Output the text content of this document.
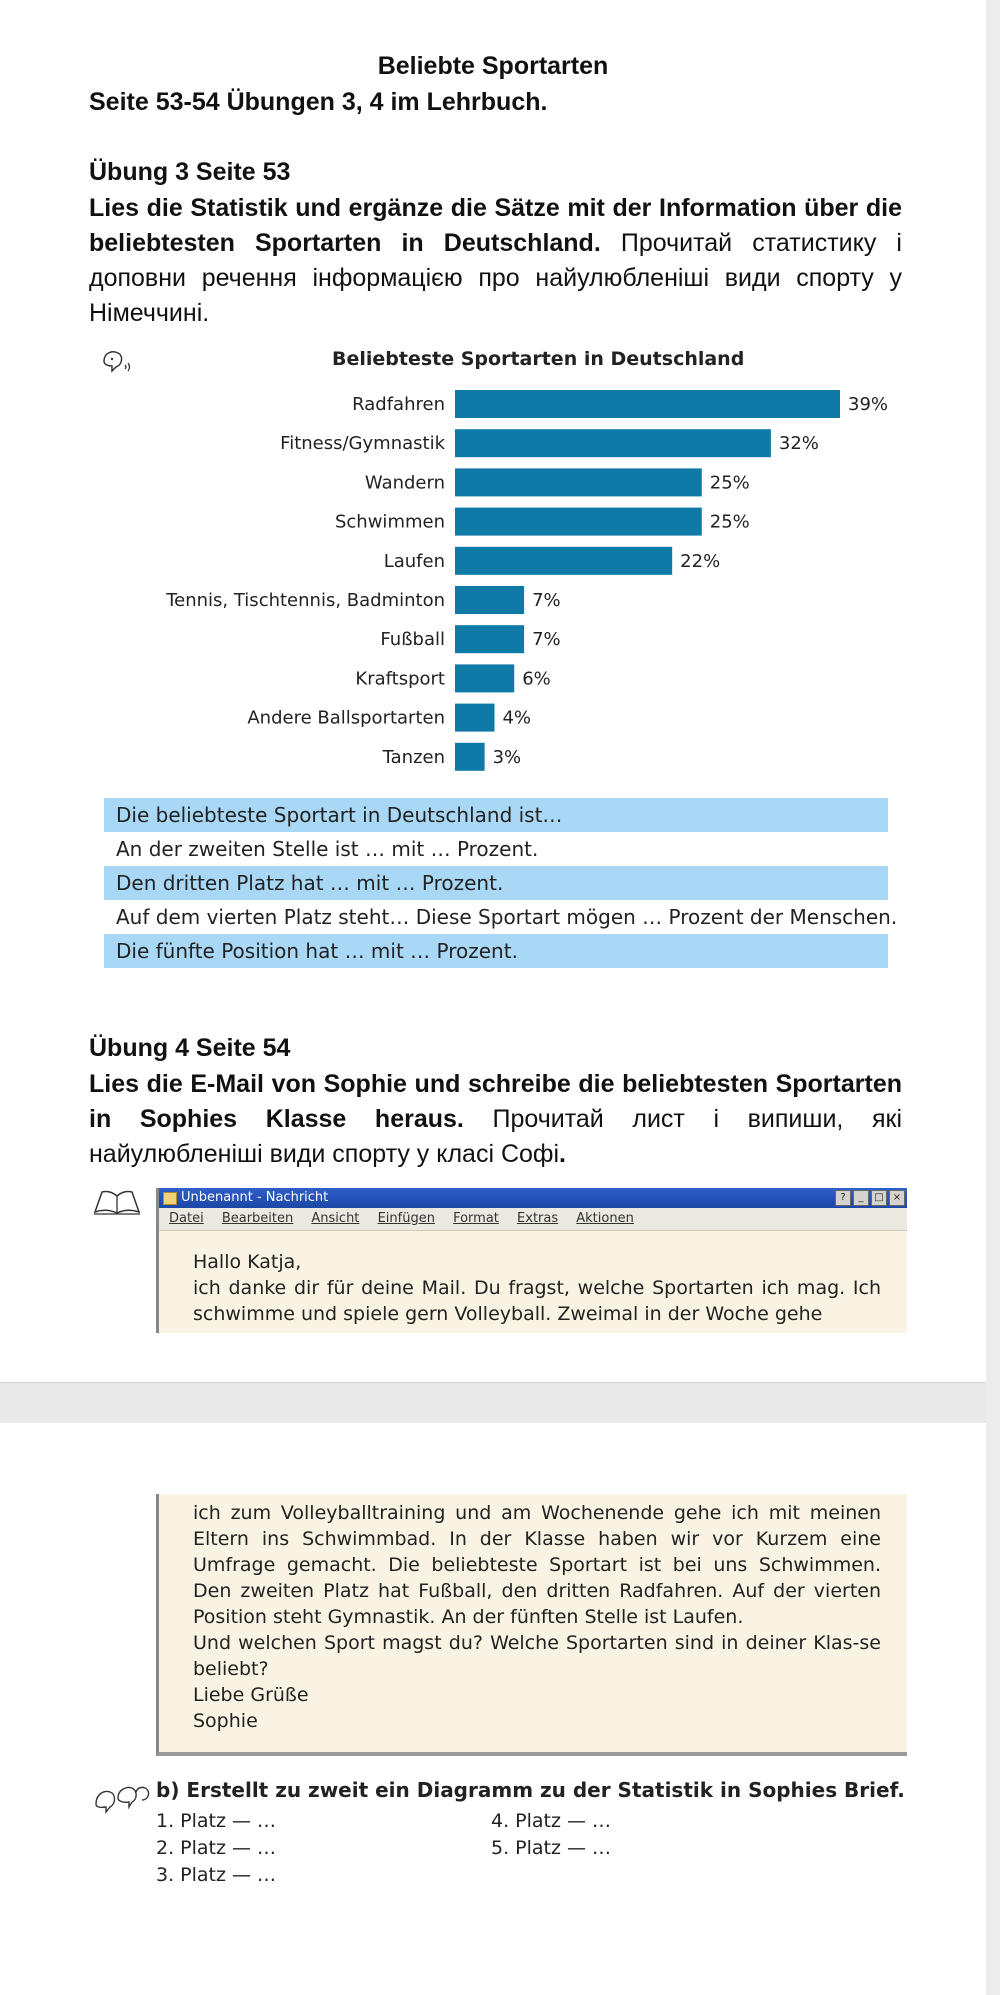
Beliebte Sportarten
Seite 53-54 Übungen 3, 4 im Lehrbuch.
Übung 3 Seite 53
Lies die Statistik und ergänze die Sätze mit der Information über die beliebtesten Sportarten in Deutschland. Прочитай статистику і доповни речення інформацією про найулюбленіші види спорту у Німеччині.
Beliebteste Sportarten in Deutschland
Radfahren	39%
Fitness/Gymnastik	32%
Wandern	25%
Schwimmen	25%
Laufen	22%
Tennis, Tischtennis, Badminton	7%
Fußball	7%
Kraftsport	6%
Andere Ballsportarten	4%
Tanzen	3%
Die beliebteste Sportart in Deutschland ist…
An der zweiten Stelle ist … mit … Prozent.
Den dritten Platz hat … mit … Prozent.
Auf dem vierten Platz steht… Diese Sportart mögen … Prozent der Menschen.
Die fünfte Position hat … mit … Prozent.
Übung 4 Seite 54
Lies die E-Mail von Sophie und schreibe die beliebtesten Sportarten in Sophies Klasse heraus. Прочитай лист і випиши, які найулюбленіші види спорту у класі Софі.
Unbenannt - Nachricht	? _ □ ×
Datei Bearbeiten Ansicht Einfügen Format Extras Aktionen

Hallo Katja,

ich danke dir für deine Mail. Du fragst, welche Sportarten ich mag. Ich schwimme und spiele gern Volleyball. Zweimal in der Woche gehe

ich zum Volleyballtraining und am Wochenende gehe ich mit meinen Eltern ins Schwimmbad. In der Klasse haben wir vor Kurzem eine Umfrage gemacht. Die beliebteste Sportart ist bei uns Schwimmen. Den zweiten Platz hat Fußball, den dritten Radfahren. Auf der vierten Position steht Gymnastik. An der fünften Stelle ist Laufen.

Und welchen Sport magst du? Welche Sportarten sind in deiner Klas-se beliebt?

Liebe Grüße

Sophie

b) Erstellt zu zweit ein Diagramm zu der Statistik in Sophies Brief.
1. Platz — …
2. Platz — …
3. Platz — …
4. Platz — …
5. Platz — …
